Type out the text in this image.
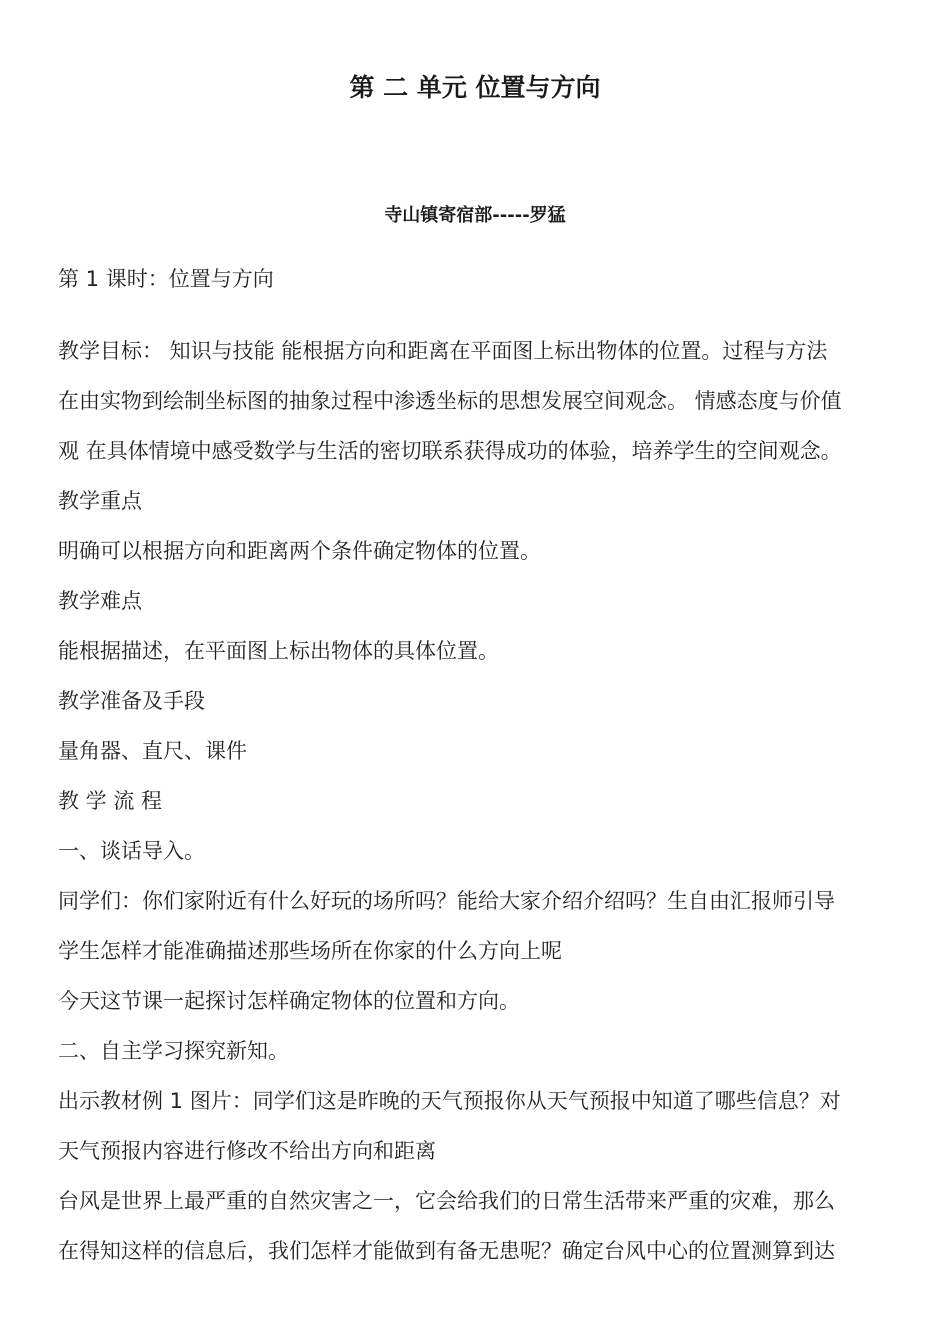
第 二 单元 位置与方向
寺山镇寄宿部-----罗猛
第 1 课时：位置与方向
教学目标： 知识与技能 能根据方向和距离在平面图上标出物体的位置。过程与方法
在由实物到绘制坐标图的抽象过程中渗透坐标的思想发展空间观念。 情感态度与价值
观 在具体情境中感受数学与生活的密切联系获得成功的体验，培养学生的空间观念。
教学重点
明确可以根据方向和距离两个条件确定物体的位置。
教学难点
能根据描述，在平面图上标出物体的具体位置。
教学准备及手段
量角器、直尺、课件
教 学 流 程
一、谈话导入。
同学们：你们家附近有什么好玩的场所吗？能给大家介绍介绍吗？生自由汇报师引导
学生怎样才能准确描述那些场所在你家的什么方向上呢
今天这节课一起探讨怎样确定物体的位置和方向。
二、自主学习探究新知。
出示教材例 1 图片：同学们这是昨晚的天气预报你从天气预报中知道了哪些信息？对
天气预报内容进行修改不给出方向和距离
台风是世界上最严重的自然灾害之一，它会给我们的日常生活带来严重的灾难，那么
在得知这样的信息后，我们怎样才能做到有备无患呢？确定台风中心的位置测算到达
